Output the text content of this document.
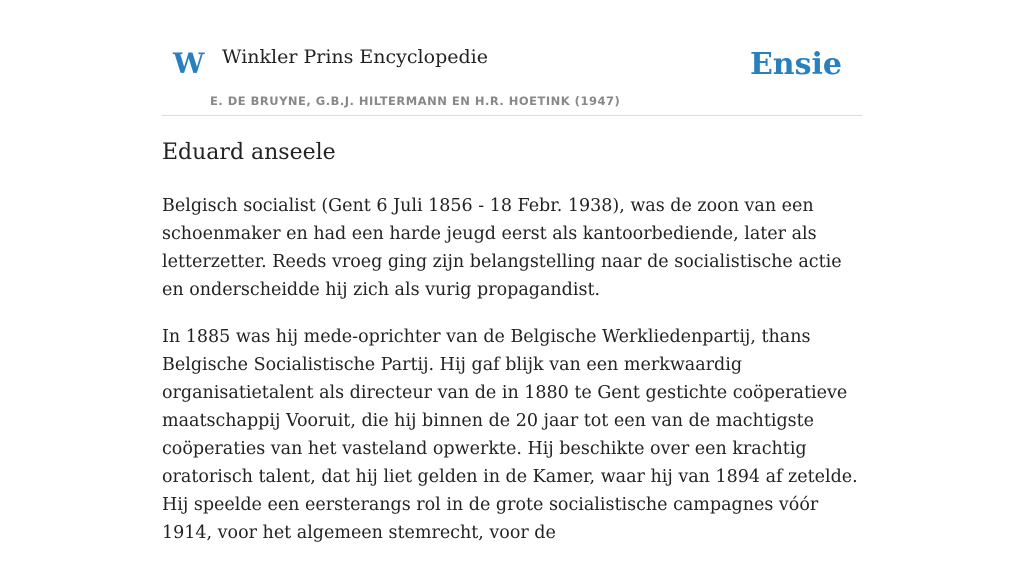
W Winkler Prins Encyclopedie
E. DE BRUYNE, G.B.J. HILTERMANN EN H.R. HOETINK (1947)
Ensie
Eduard anseele

Belgisch socialist (Gent 6 Juli 1856 - 18 Febr. 1938), was de zoon van een schoenmaker en had een harde jeugd eerst als kantoorbediende, later als letterzetter. Reeds vroeg ging zijn belangstelling naar de socialistische actie en onderscheidde hij zich als vurig propagandist.

In 1885 was hij mede-oprichter van de Belgische Werkliedenpartij, thans Belgische Socialistische Partij. Hij gaf blijk van een merkwaardig organisatietalent als directeur van de in 1880 te Gent gestichte coöperatieve maatschappij Vooruit, die hij binnen de 20 jaar tot een van de machtigste coöperaties van het vasteland opwerkte. Hij beschikte over een krachtig oratorisch talent, dat hij liet gelden in de Kamer, waar hij van 1894 af zetelde. Hij speelde een eersterangs rol in de grote socialistische campagnes vóór 1914, voor het algemeen stemrecht, voor de
